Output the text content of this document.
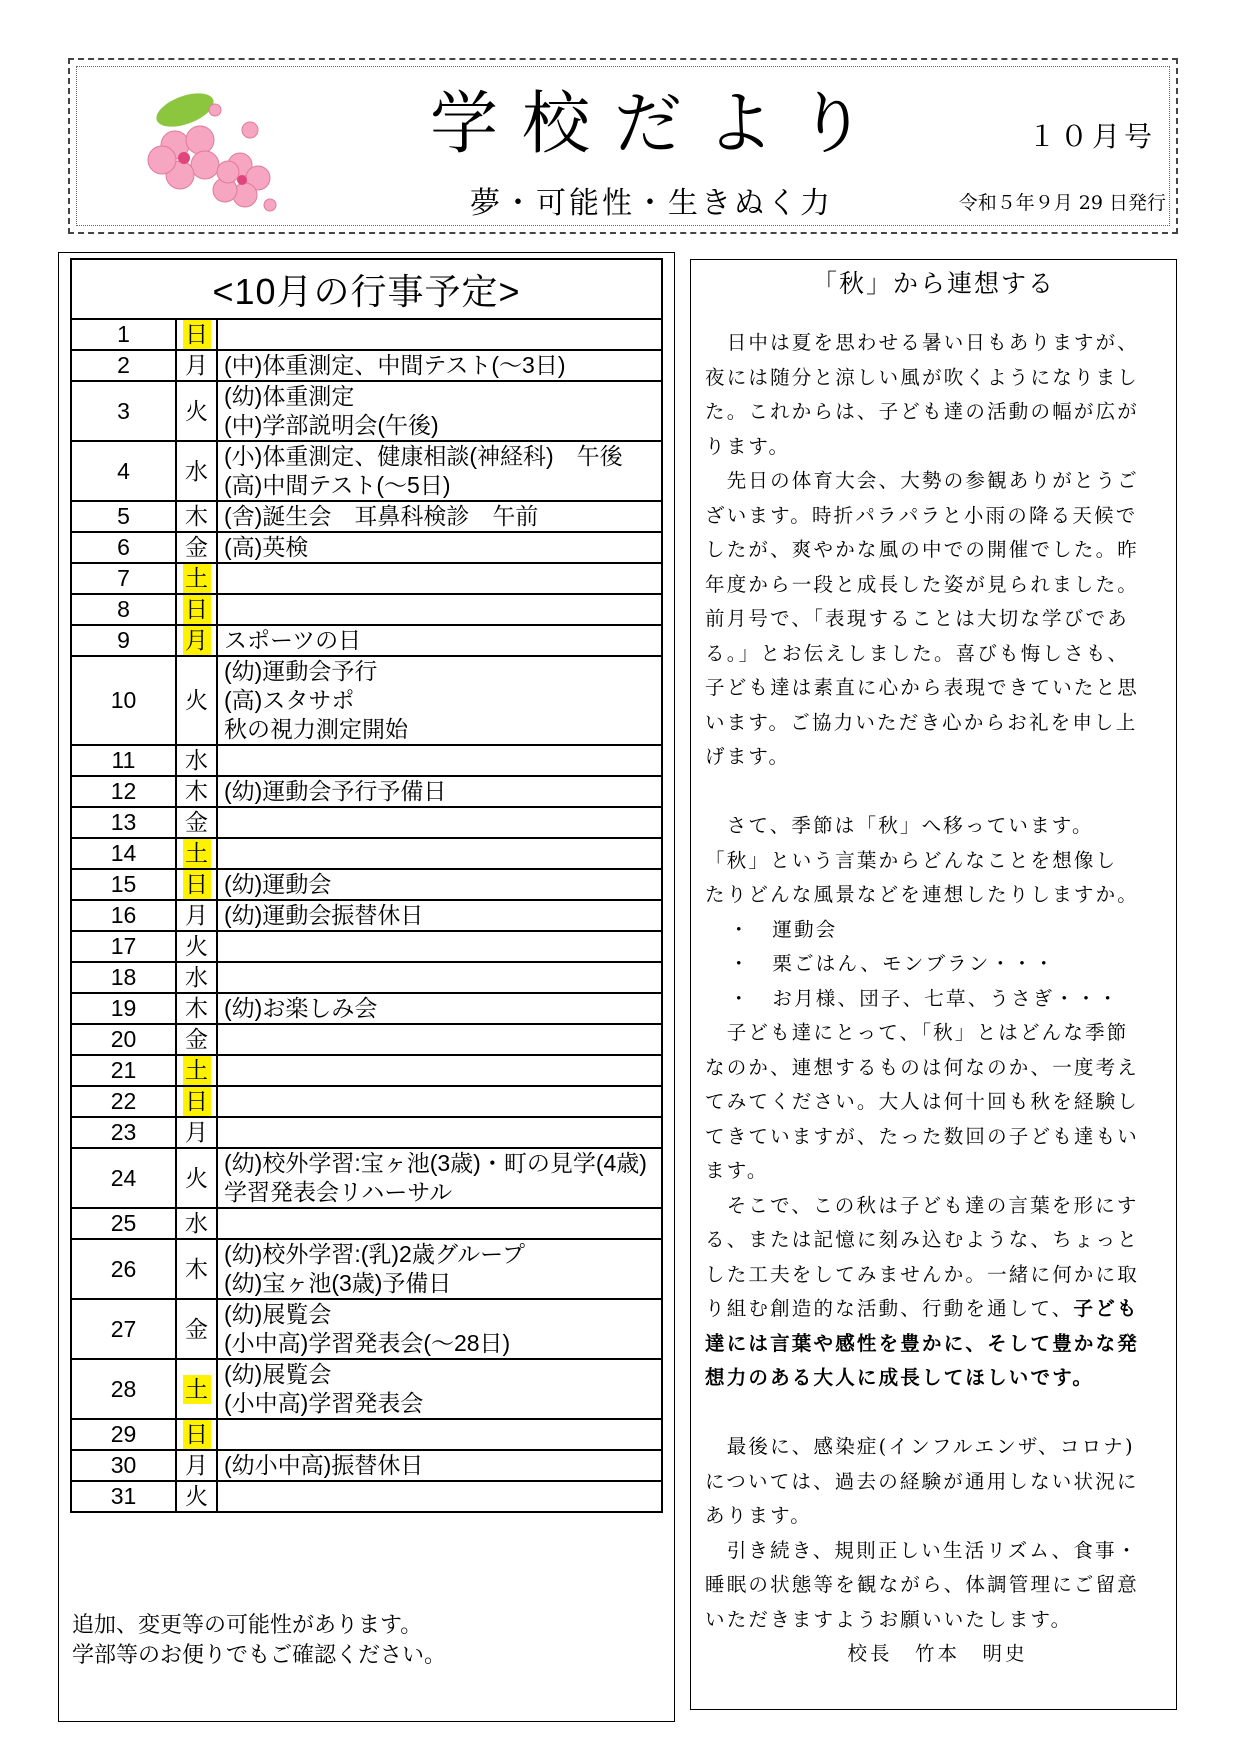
学校だより	１０月号
夢・可能性・生きぬく力	令和５年９月 29 日発行
<10月の行事予定>		
1	日	
2	月	(中)体重測定、中間テスト(～3日)

3	火	(幼)体重測定
(中)学部説明会(午後)

4	水	(小)体重測定、健康相談(神経科)　午後
(高)中間テスト(～5日)

5	木	(舎)誕生会　耳鼻科検診　午前

6	金	(高)英検

7	土	
8	日	
9	月	スポーツの日

10	火	(幼)運動会予行
(高)スタサポ
秋の視力測定開始

11	水	
12	木	(幼)運動会予行予備日

13	金	
14	土	
15	日	(幼)運動会

16	月	(幼)運動会振替休日

17	火	
18	水	
19	木	(幼)お楽しみ会

20	金	
21	土	
22	日	
23	月	
24	火	(幼)校外学習:宝ヶ池(3歳)・町の見学(4歳)
学習発表会リハーサル

25	水	
26	木	(幼)校外学習:(乳)2歳グループ
(幼)宝ヶ池(3歳)予備日

27	金	(幼)展覧会
(小中高)学習発表会(～28日)

28	土	(幼)展覧会
(小中高)学習発表会

29	日	
30	月	(幼小中高)振替休日

31	火	
追加、変更等の可能性があります。
学部等のお便りでもご確認ください。
「秋」から連想する

　日中は夏を思わせる暑い日もありますが、

夜には随分と涼しい風が吹くようになりまし

た。これからは、子ども達の活動の幅が広が

ります。

　先日の体育大会、大勢の参観ありがとうご

ざいます。時折パラパラと小雨の降る天候で

したが、爽やかな風の中での開催でした。昨

年度から一段と成長した姿が見られました。

前月号で、「表現することは大切な学びであ

る。」とお伝えしました。喜びも悔しさも、

子ども達は素直に心から表現できていたと思

います。ご協力いただき心からお礼を申し上

げます。

　さて、季節は「秋」へ移っています。

「秋」という言葉からどんなことを想像し

たりどんな風景などを連想したりしますか。

・　運動会

・　栗ごはん、モンブラン・・・

・　お月様、団子、七草、うさぎ・・・

　子ども達にとって、「秋」とはどんな季節

なのか、連想するものは何なのか、一度考え

てみてください。大人は何十回も秋を経験し

てきていますが、たった数回の子ども達もい

ます。

　そこで、この秋は子ども達の言葉を形にす

る、または記憶に刻み込むような、ちょっと

した工夫をしてみませんか。一緒に何かに取

り組む創造的な活動、行動を通して、子ども

達には言葉や感性を豊かに、そして豊かな発

想力のある大人に成長してほしいです。

　最後に、感染症(インフルエンザ、コロナ)

については、過去の経験が通用しない状況に

あります。

　引き続き、規則正しい生活リズム、食事・

睡眠の状態等を観ながら、体調管理にご留意

いただきますようお願いいたします。

校長　竹本　明史
